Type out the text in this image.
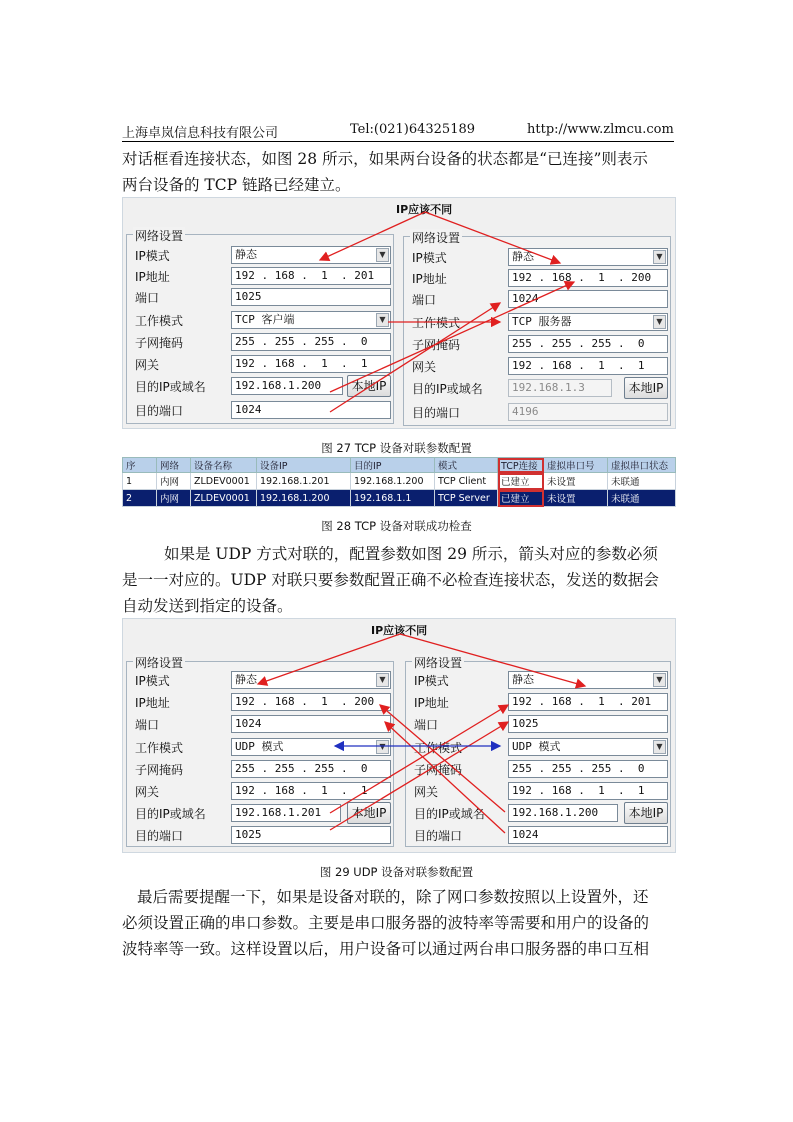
上海卓岚信息科技有限公司	Tel:(021)64325189	http://www.zlmcu.com

对话框看连接状态，如图 28 所示，如果两台设备的状态都是“已连接”则表示

两台设备的 TCP 链路已经建立。

IP应该不同
网络设置
IP模式	静态	▼
IP地址	192 . 168 .  1  . 201
端口	1025
工作模式	TCP 客户端	▼
子网掩码	255 . 255 . 255 .  0
网关	192 . 168 .  1  .  1
目的IP或域名	192.168.1.200	本地IP
目的端口	1024
网络设置
IP模式	静态	▼
IP地址	192 . 168 .  1  . 200
端口	1024
工作模式	TCP 服务器	▼
子网掩码	255 . 255 . 255 .  0
网关	192 . 168 .  1  .  1
目的IP或域名	192.168.1.3	本地IP
目的端口	4196
图 27 TCP 设备对联参数配置
序	网络	设备名称	设备IP	目的IP	模式	TCP连接	虚拟串口号	虚拟串口状态
1	内网	ZLDEV0001	192.168.1.201	192.168.1.200	TCP Client	已建立	未设置	未联通
2	内网	ZLDEV0001	192.168.1.200	192.168.1.1	TCP Server	已建立	未设置	未联通
图 28 TCP 设备对联成功检查

如果是 UDP 方式对联的，配置参数如图 29 所示，箭头对应的参数必须

是一一对应的。UDP 对联只要参数配置正确不必检查连接状态，发送的数据会

自动发送到指定的设备。

IP应该不同
网络设置
IP模式	静态	▼
IP地址	192 . 168 .  1  . 200
端口	1024
工作模式	UDP 模式	▼
子网掩码	255 . 255 . 255 .  0
网关	192 . 168 .  1  .  1
目的IP或域名	192.168.1.201	本地IP
目的端口	1025
网络设置
IP模式	静态	▼
IP地址	192 . 168 .  1  . 201
端口	1025
工作模式	UDP 模式	▼
子网掩码	255 . 255 . 255 .  0
网关	192 . 168 .  1  .  1
目的IP或域名	192.168.1.200	本地IP
目的端口	1024
图 29 UDP 设备对联参数配置

最后需要提醒一下，如果是设备对联的，除了网口参数按照以上设置外，还

必须设置正确的串口参数。主要是串口服务器的波特率等需要和用户的设备的

波特率等一致。这样设置以后，用户设备可以通过两台串口服务器的串口互相
